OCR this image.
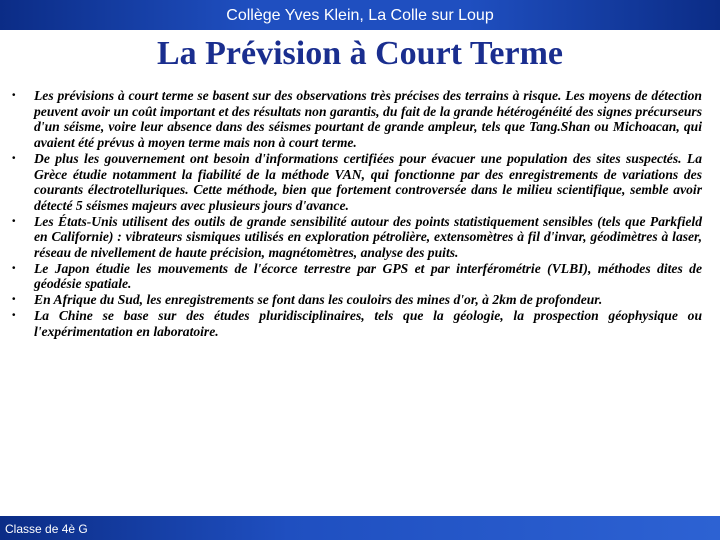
Collège Yves Klein, La Colle sur Loup
La Prévision à Court Terme
• Les prévisions à court terme se basent sur des observations très précises des terrains à risque. Les moyens de détection peuvent avoir un coût important et des résultats non garantis, du fait de la grande hétérogénéité des signes précurseurs d'un séisme, voire leur absence dans des séismes pourtant de grande ampleur, tels que Tang.Shan ou Michoacan, qui avaient été prévus à moyen terme mais non à court terme.
• De plus les gouvernement ont besoin d'informations certifiées pour évacuer une population des sites suspectés. La Grèce étudie notamment la fiabilité de la méthode VAN, qui fonctionne par des enregistrements de variations des courants électrotelluriques. Cette méthode, bien que fortement controversée dans le milieu scientifique, semble avoir détecté 5 séismes majeurs avec plusieurs jours d'avance.
• Les États-Unis utilisent des outils de grande sensibilité autour des points statistiquement sensibles (tels que Parkfield en Californie) : vibrateurs sismiques utilisés en exploration pétrolière, extensomètres à fil d'invar, géodimètres à laser, réseau de nivellement de haute précision, magnétomètres, analyse des puits.
• Le Japon étudie les mouvements de l'écorce terrestre par GPS et par interférométrie (VLBI), méthodes dites de géodésie spatiale.
• En Afrique du Sud, les enregistrements se font dans les couloirs des mines d'or, à 2km de profondeur.
• La Chine se base sur des études pluridisciplinaires, tels que la géologie, la prospection géophysique ou l'expérimentation en laboratoire.
Classe de 4è G
